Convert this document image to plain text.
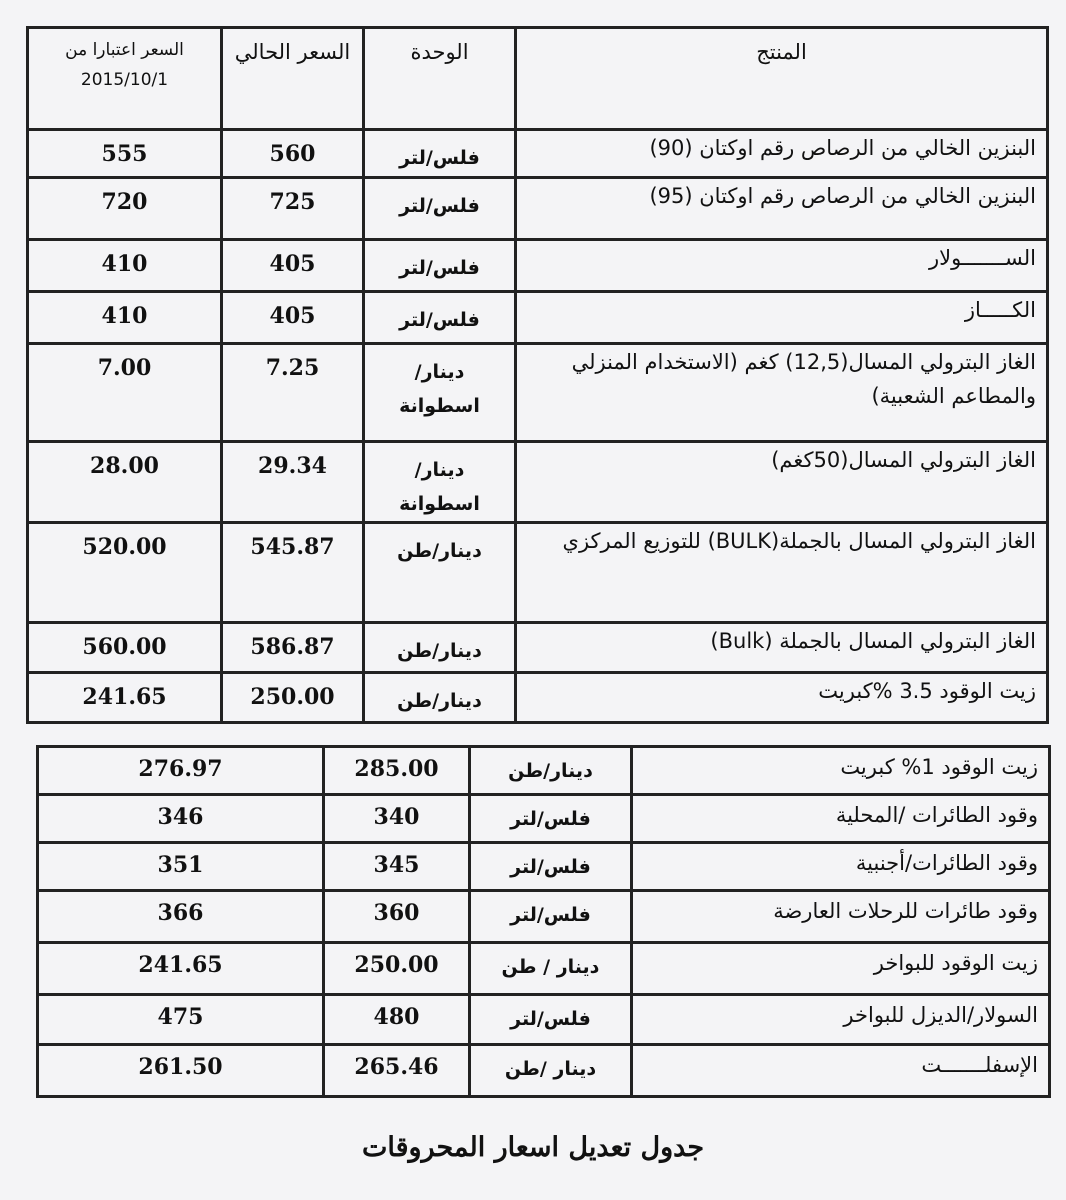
المنتج	الوحدة	السعر الحالي	السعر اعتبارا من 2015/10/1
البنزين الخالي من الرصاص رقم اوكتان (90)	فلس/لتر	560	555
البنزين الخالي من الرصاص رقم اوكتان (95)	فلس/لتر	725	720
الســـــــولار	فلس/لتر	405	410
الكـــــاز	فلس/لتر	405	410
الغاز البترولي المسال(12,5) كغم (الاستخدام المنزلي والمطاعم الشعبية)	دينار/اسطوانة	7.25	7.00
الغاز البترولي المسال(50كغم)	دينار/اسطوانة	29.34	28.00
الغاز البترولي المسال بالجملة(BULK) للتوزيع المركزي	دينار/طن	545.87	520.00
الغاز البترولي المسال بالجملة (Bulk)	دينار/طن	586.87	560.00
زيت الوقود 3.5 %كبريت	دينار/طن	250.00	241.65
زيت الوقود 1% كبريت	دينار/طن	285.00	276.97
وقود الطائرات /المحلية	فلس/لتر	340	346
وقود الطائرات/أجنبية	فلس/لتر	345	351
وقود طائرات للرحلات العارضة	فلس/لتر	360	366
زيت الوقود للبواخر	دينار / طن	250.00	241.65
السولار/الديزل للبواخر	فلس/لتر	480	475
الإسفلـــــــت	دينار /طن	265.46	261.50
جدول تعديل اسعار المحروقات
